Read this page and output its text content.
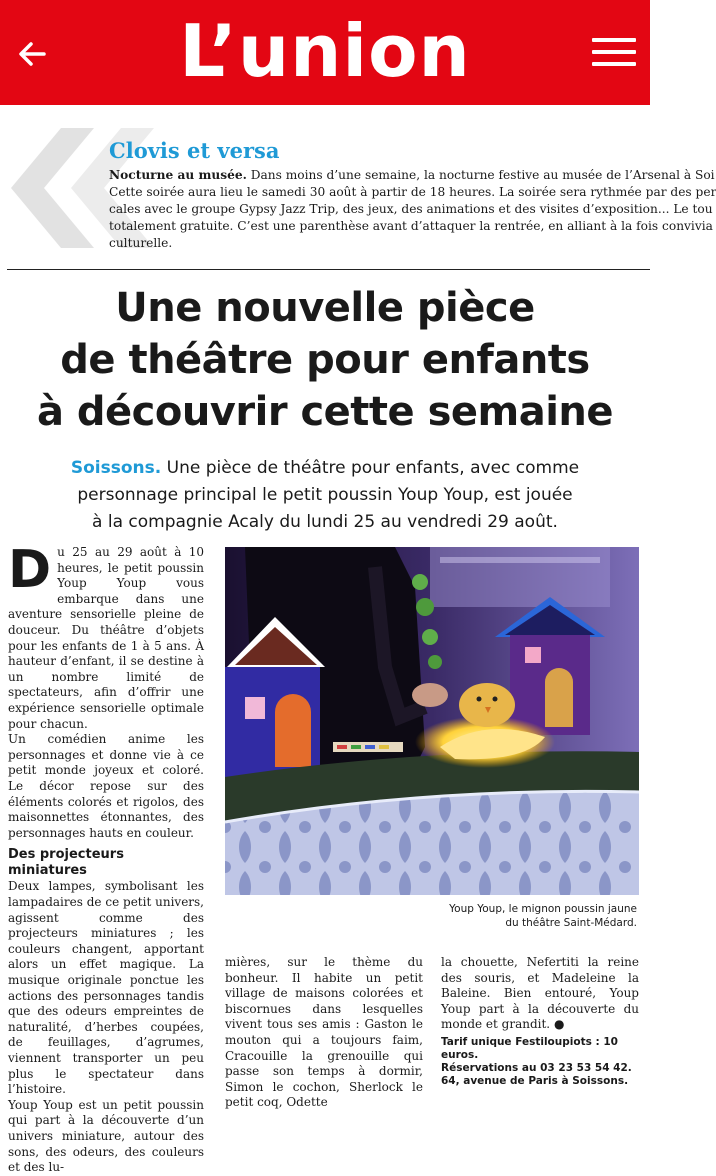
L’union
Clovis et versa
Nocturne au musée. Dans moins d’une semaine, la nocturne festive au musée de l’Arsenal à Soi
Cette soirée aura lieu le samedi 30 août à partir de 18 heures. La soirée sera rythmée par des per
cales avec le groupe Gypsy Jazz Trip, des jeux, des animations et des visites d’exposition... Le tou
totalement gratuite. C’est une parenthèse avant d’attaquer la rentrée, en alliant à la fois convivia
culturelle.
Une nouvelle pièce
de théâtre pour enfants
à découvrir cette semaine
Soissons. Une pièce de théâtre pour enfants, avec comme
personnage principal le petit poussin Youp Youp, est jouée
à la compagnie Acaly du lundi 25 au vendredi 29 août.
D u 25 au 29 août à 10 heures, le petit poussin Youp Youp vous embarque dans une aventure sensorielle pleine de douceur. Du théâtre d’objets pour les enfants de 1 à 5 ans. À hauteur d’enfant, il se destine à un nombre limité de spectateurs, afin d’offrir une expérience sensorielle optimale pour chacun.

Un comédien anime les personnages et donne vie à ce petit monde joyeux et coloré. Le décor repose sur des éléments colorés et rigolos, des maisonnettes étonnantes, des personnages hauts en couleur.

Des projecteurs miniatures

Deux lampes, symbolisant les lampadaires de ce petit univers, agissent comme des projecteurs miniatures ; les couleurs changent, apportant alors un effet magique. La musique originale ponctue les actions des personnages tandis que des odeurs empreintes de naturalité, d’herbes coupées, de feuillages, d’agrumes, viennent transporter un peu plus le spectateur dans l’histoire.

Youp Youp est un petit poussin qui part à la découverte d’un univers miniature, autour des sons, des odeurs, des couleurs et des lu-

Youp Youp, le mignon poussin jaune
du théâtre Saint-Médard.
mières, sur le thème du bonheur. Il habite un petit village de maisons colorées et biscornues dans lesquelles vivent tous ses amis : Gaston le mouton qui a toujours faim, Cracouille la grenouille qui passe son temps à dormir, Simon le cochon, Sherlock le petit coq, Odette
la chouette, Nefertiti la reine des souris, et Madeleine la Baleine. Bien entouré, Youp Youp part à la découverte du monde et grandit. ●
Tarif unique Festiloupiots : 10 euros.
Réservations au 03 23 53 54 42.
64, avenue de Paris à Soissons.
